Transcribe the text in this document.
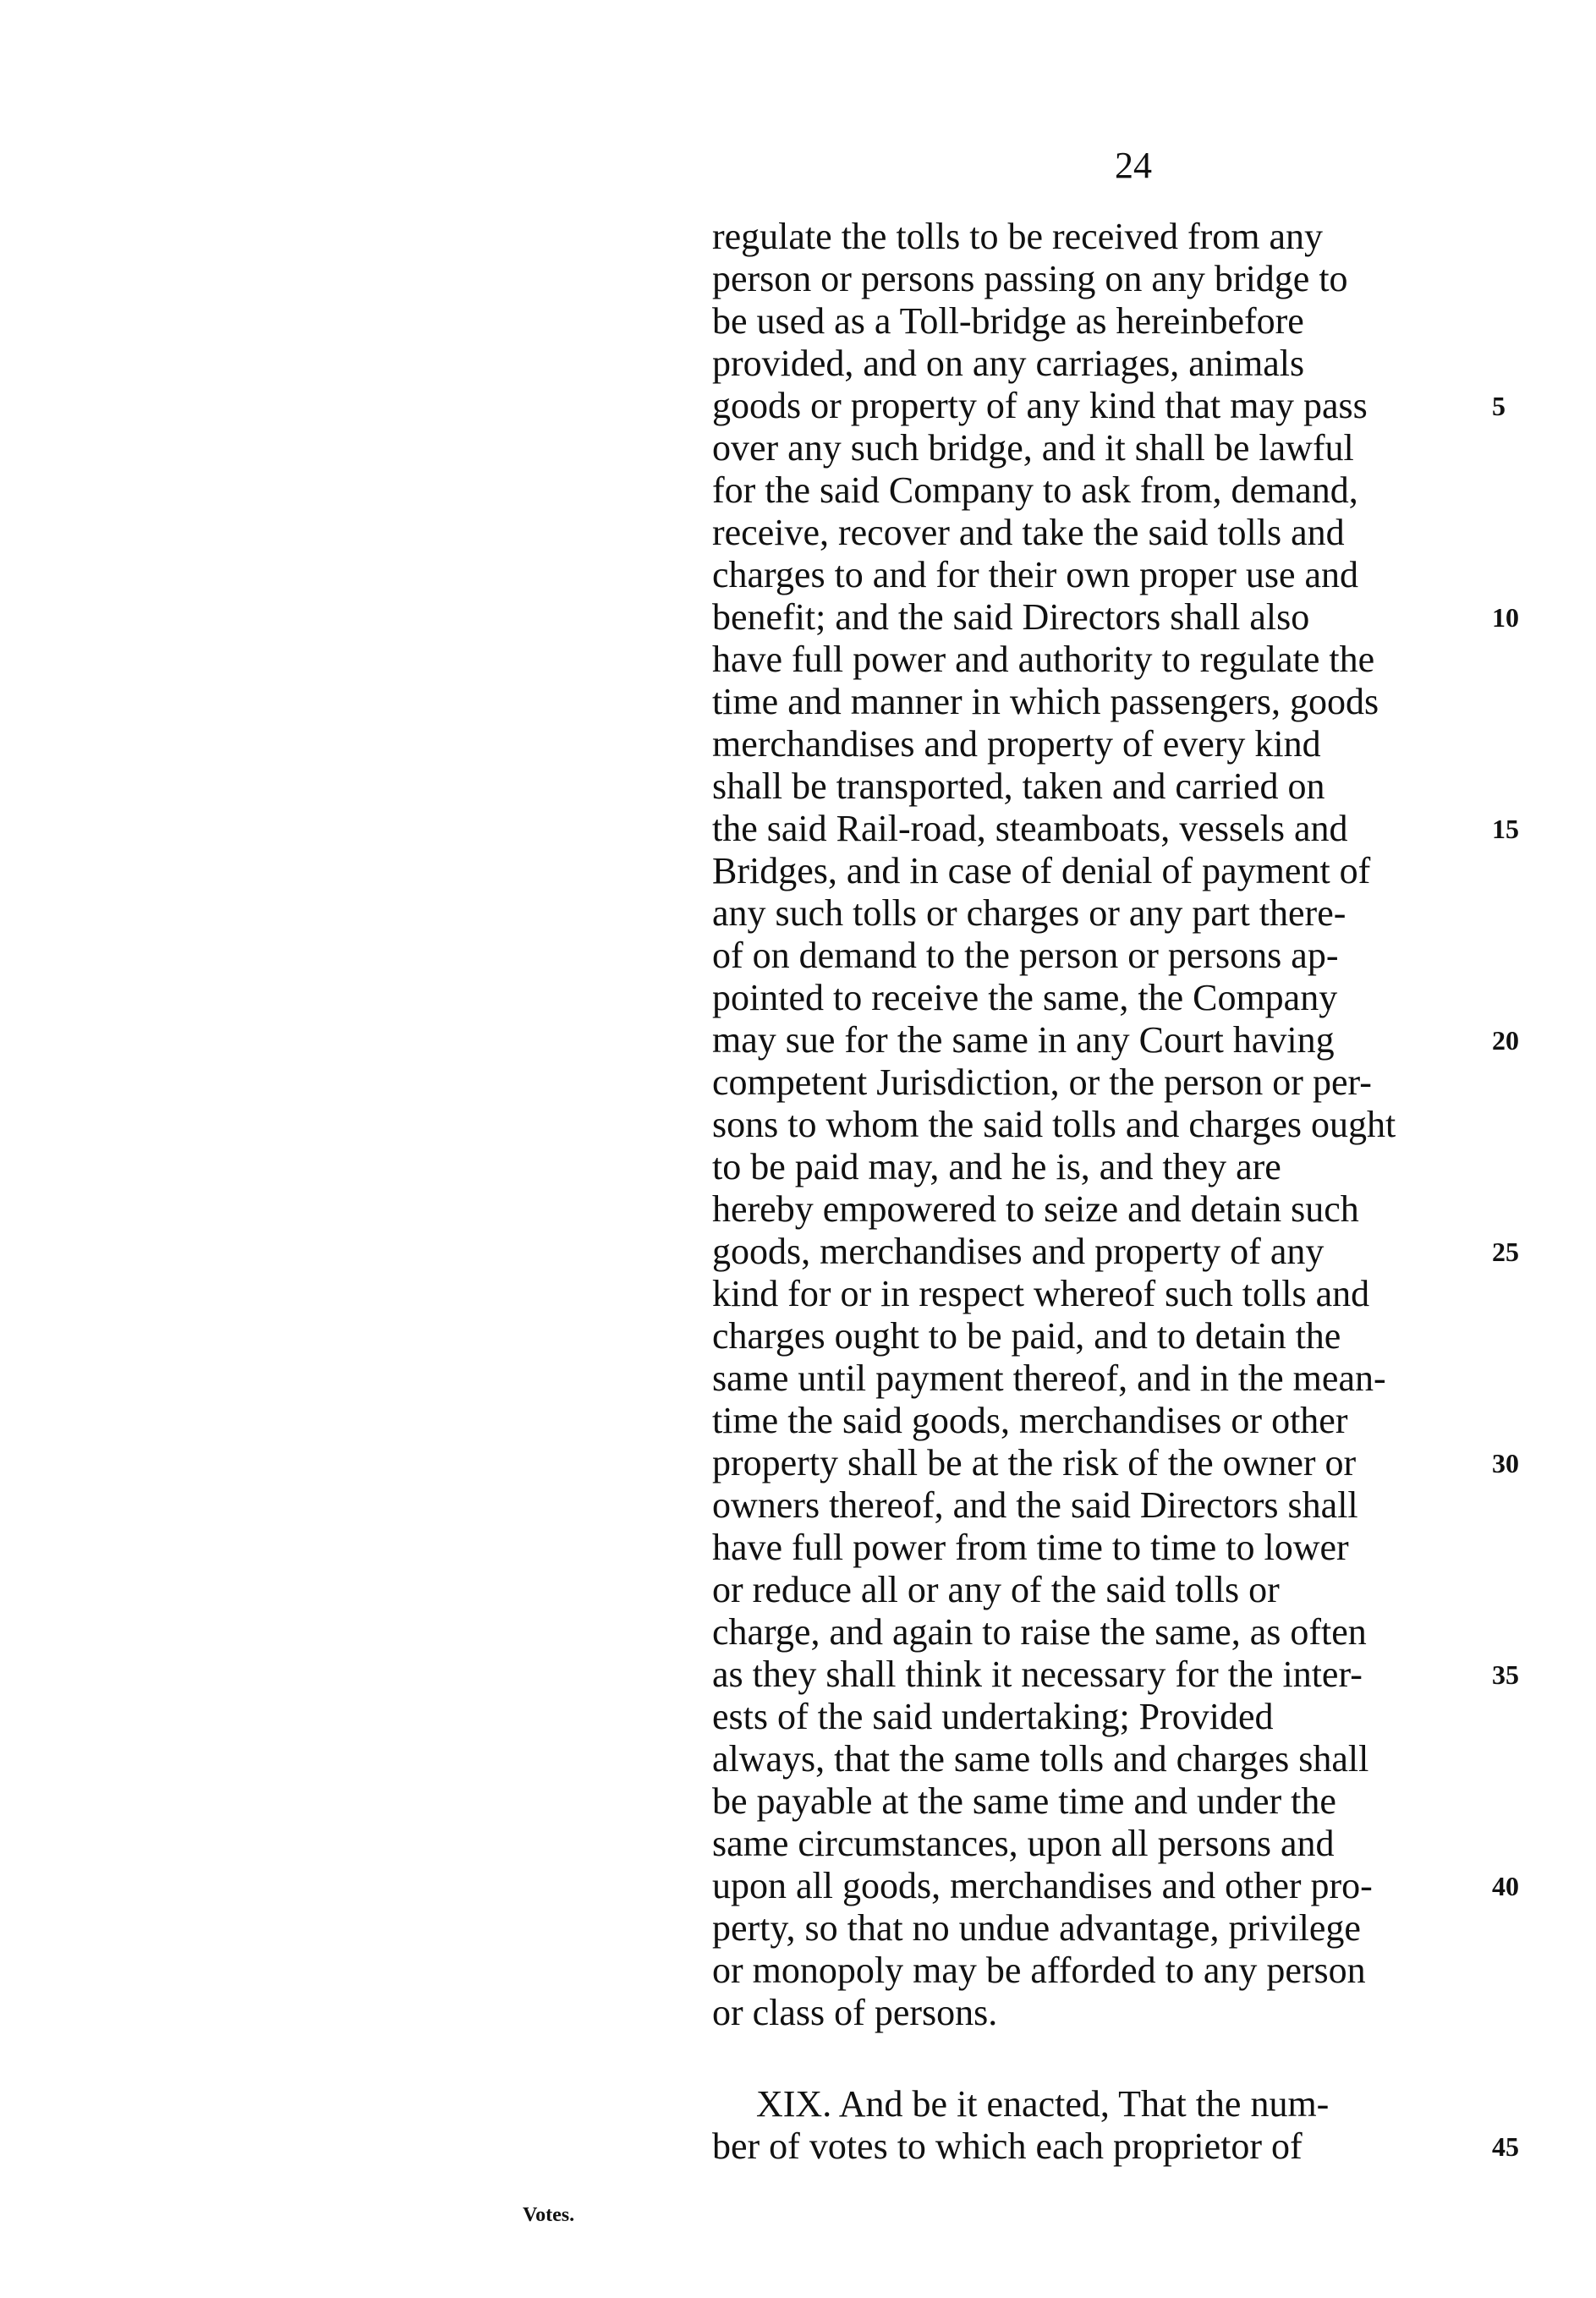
24
regulate the tolls to be received from any
person or persons passing on any bridge to
be used as a Toll-bridge as hereinbefore
provided, and on any carriages, animals
goods or property of any kind that may pass
over any such bridge, and it shall be lawful
for the said Company to ask from, demand,
receive, recover and take the said tolls and
charges to and for their own proper use and
benefit; and the said Directors shall also
have full power and authority to regulate the
time and manner in which passengers, goods
merchandises and property of every kind
shall be transported, taken and carried on
the said Rail-road, steamboats, vessels and
Bridges, and in case of denial of payment of
any such tolls or charges or any part there-
of on demand to the person or persons ap-
pointed to receive the same, the Company
may sue for the same in any Court having
competent Jurisdiction, or the person or per-
sons to whom the said tolls and charges ought
to be paid may, and he is, and they are
hereby empowered to seize and detain such
goods, merchandises and property of any
kind for or in respect whereof such tolls and
charges ought to be paid, and to detain the
same until payment thereof, and in the mean-
time the said goods, merchandises or other
property shall be at the risk of the owner or
owners thereof, and the said Directors shall
have full power from time to time to lower
or reduce all or any of the said tolls or
charge, and again to raise the same, as often
as they shall think it necessary for the inter-
ests of the said undertaking; Provided
always, that the same tolls and charges shall
be payable at the same time and under the
same circumstances, upon all persons and
upon all goods, merchandises and other pro-
perty, so that no undue advantage, privilege
or monopoly may be afforded to any person
or class of persons.
XIX. And be it enacted, That the num-
ber of votes to which each proprietor of
5
10
15
20
25
30
35
40
45
Votes.
